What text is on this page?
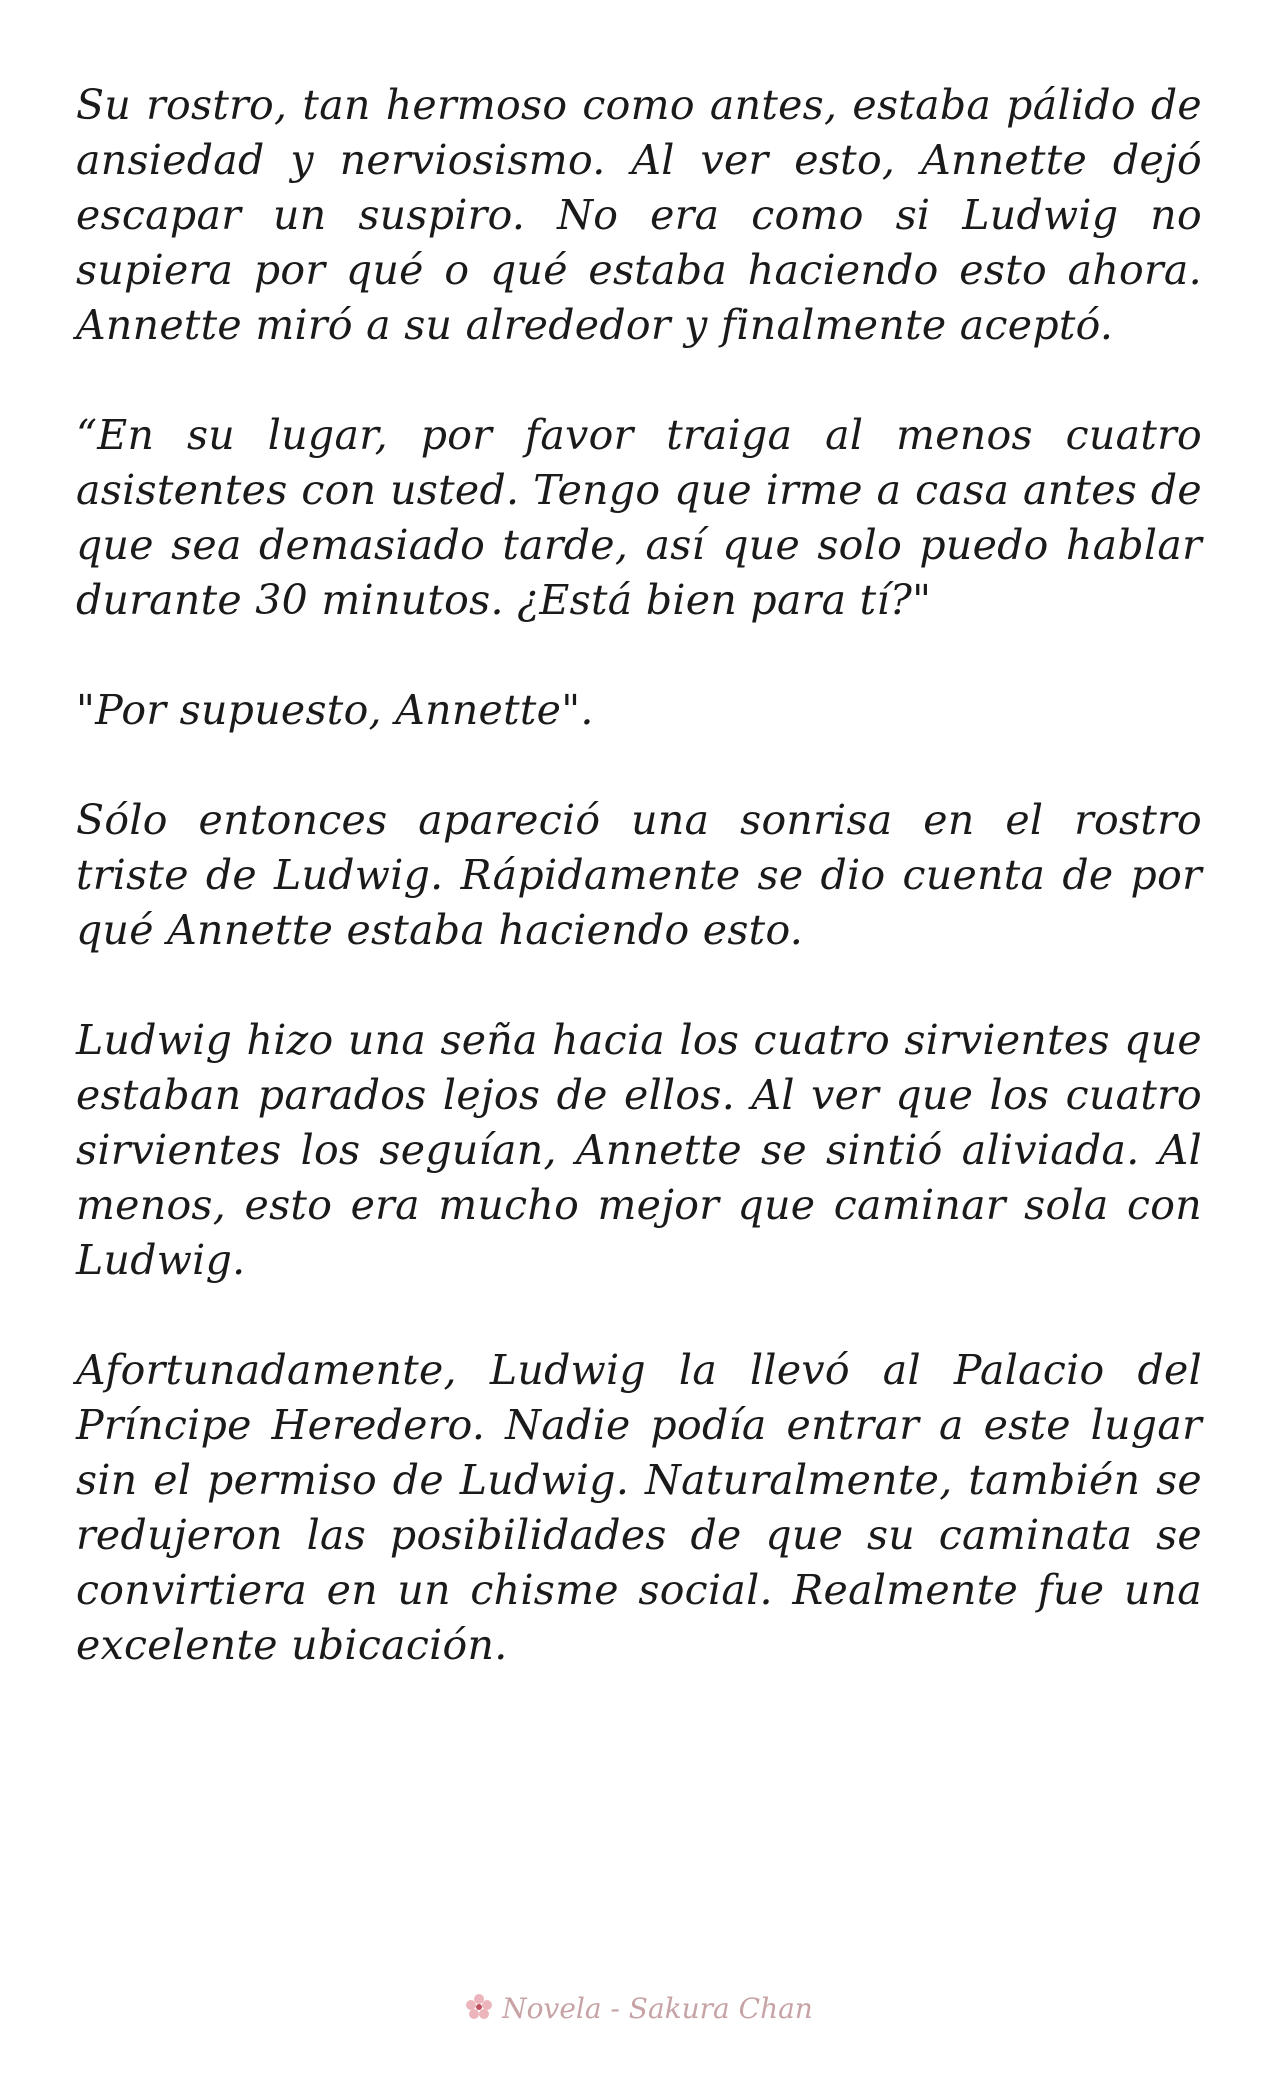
Su rostro, tan hermoso como antes, estaba pálido de ansiedad y nerviosismo. Al ver esto, Annette dejó escapar un suspiro. No era como si Ludwig no supiera por qué o qué estaba haciendo esto ahora. Annette miró a su alrededor y finalmente aceptó.

“En su lugar, por favor traiga al menos cuatro asistentes con usted. Tengo que irme a casa antes de que sea demasiado tarde, así que solo puedo hablar durante 30 minutos. ¿Está bien para tí?"

"Por supuesto, Annette".

Sólo entonces apareció una sonrisa en el rostro triste de Ludwig. Rápidamente se dio cuenta de por qué Annette estaba haciendo esto.

Ludwig hizo una seña hacia los cuatro sirvientes que estaban parados lejos de ellos. Al ver que los cuatro sirvientes los seguían, Annette se sintió aliviada. Al menos, esto era mucho mejor que caminar sola con Ludwig.

Afortunadamente, Ludwig la llevó al Palacio del Príncipe Heredero. Nadie podía entrar a este lugar sin el permiso de Ludwig. Naturalmente, también se redujeron las posibilidades de que su caminata se convirtiera en un chisme social. Realmente fue una excelente ubicación.

Novela - Sakura Chan
